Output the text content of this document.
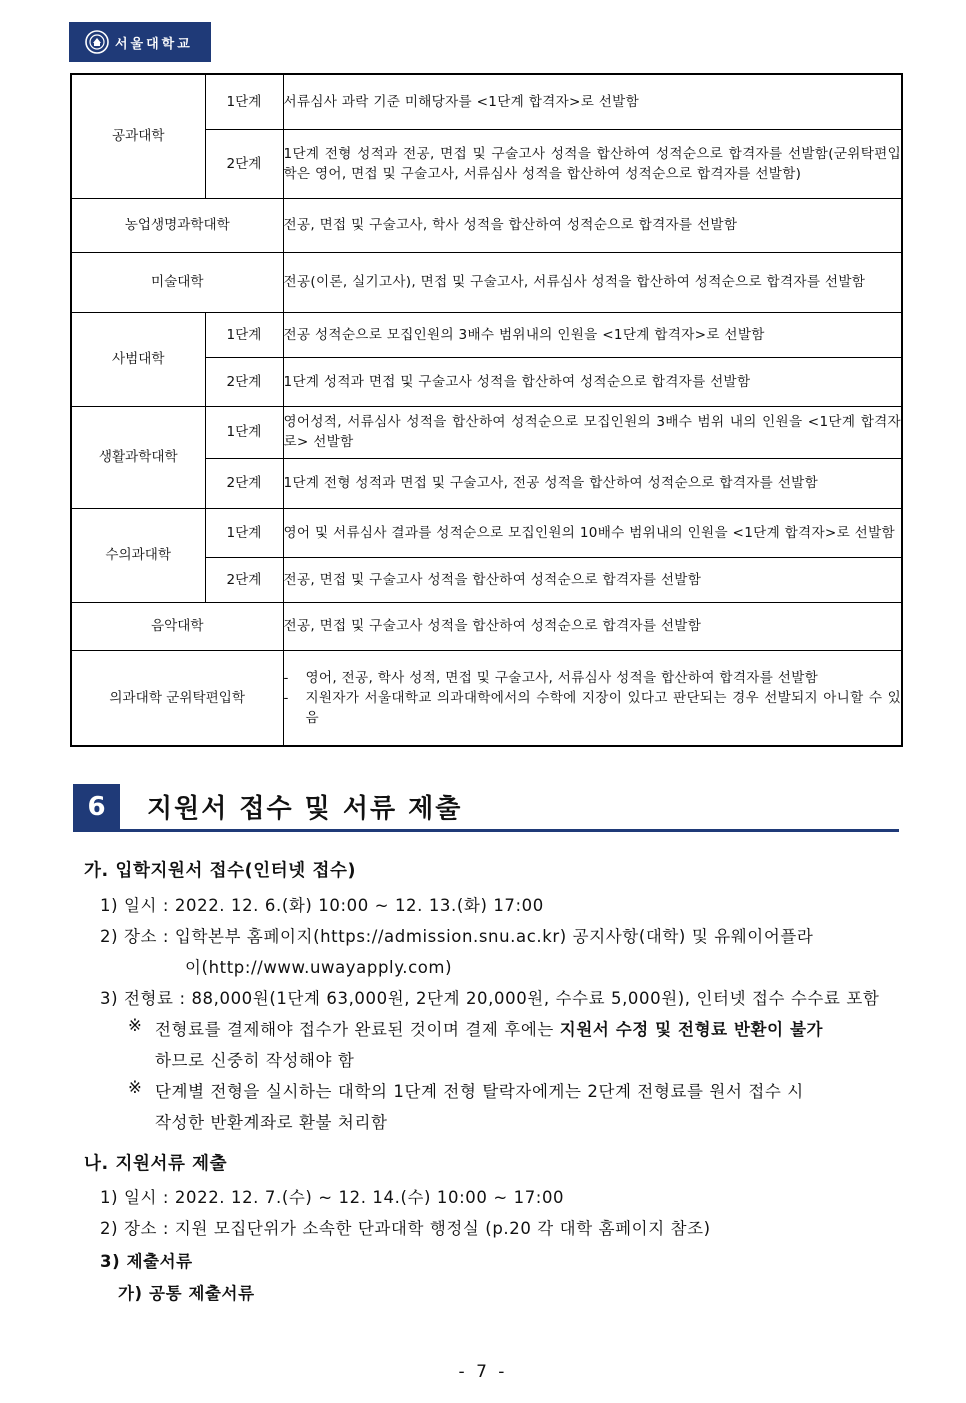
서울대학교
공과대학	1단계	서류심사 과락 기준 미해당자를 <1단계 합격자>로 선발함
	2단계	1단계 전형 성적과 전공, 면접 및 구술고사 성적을 합산하여 성적순으로 합격자를 선발함(군위탁편입학은 영어, 면접 및 구술고사, 서류심사 성적을 합산하여 성적순으로 합격자를 선발함)
농업생명과학대학		전공, 면접 및 구술고사, 학사 성적을 합산하여 성적순으로 합격자를 선발함
미술대학		전공(이론, 실기고사), 면접 및 구술고사, 서류심사 성적을 합산하여 성적순으로 합격자를 선발함
사범대학	1단계	전공 성적순으로 모집인원의 3배수 범위내의 인원을 <1단계 합격자>로 선발함
	2단계	1단계 성적과 면접 및 구술고사 성적을 합산하여 성적순으로 합격자를 선발함
생활과학대학	1단계	영어성적, 서류심사 성적을 합산하여 성적순으로 모집인원의 3배수 범위 내의 인원을 <1단계 합격자로> 선발함
	2단계	1단계 전형 성적과 면접 및 구술고사, 전공 성적을 합산하여 성적순으로 합격자를 선발함
수의과대학	1단계	영어 및 서류심사 결과를 성적순으로 모집인원의 10배수 범위내의 인원을 <1단계 합격자>로 선발함
	2단계	전공, 면접 및 구술고사 성적을 합산하여 성적순으로 합격자를 선발함
음악대학		전공, 면접 및 구술고사 성적을 합산하여 성적순으로 합격자를 선발함
의과대학 군위탁편입학		- 영어, 전공, 학사 성적, 면접 및 구술고사, 서류심사 성적을 합산하여 합격자를 선발함
- 지원자가 서울대학교 의과대학에서의 수학에 지장이 있다고 판단되는 경우 선발되지 아니할 수 있음
6	지원서 접수 및 서류 제출
가. 입학지원서 접수(인터넷 접수)
1) 일시 : 2022. 12. 6.(화) 10:00 ~ 12. 13.(화) 17:00
2) 장소 : 입학본부 홈페이지(https://admission.snu.ac.kr) 공지사항(대학) 및 유웨이어플라
이(http://www.uwayapply.com)
3) 전형료 : 88,000원(1단계 63,000원, 2단계 20,000원, 수수료 5,000원), 인터넷 접수 수수료 포함
※ 전형료를 결제해야 접수가 완료된 것이며 결제 후에는 지원서 수정 및 전형료 반환이 불가
하므로 신중히 작성해야 함
※ 단계별 전형을 실시하는 대학의 1단계 전형 탈락자에게는 2단계 전형료를 원서 접수 시
작성한 반환계좌로 환불 처리함
나. 지원서류 제출
1) 일시 : 2022. 12. 7.(수) ~ 12. 14.(수) 10:00 ~ 17:00
2) 장소 : 지원 모집단위가 소속한 단과대학 행정실 (p.20 각 대학 홈페이지 참조)
3) 제출서류
가) 공통 제출서류
- 7 -
